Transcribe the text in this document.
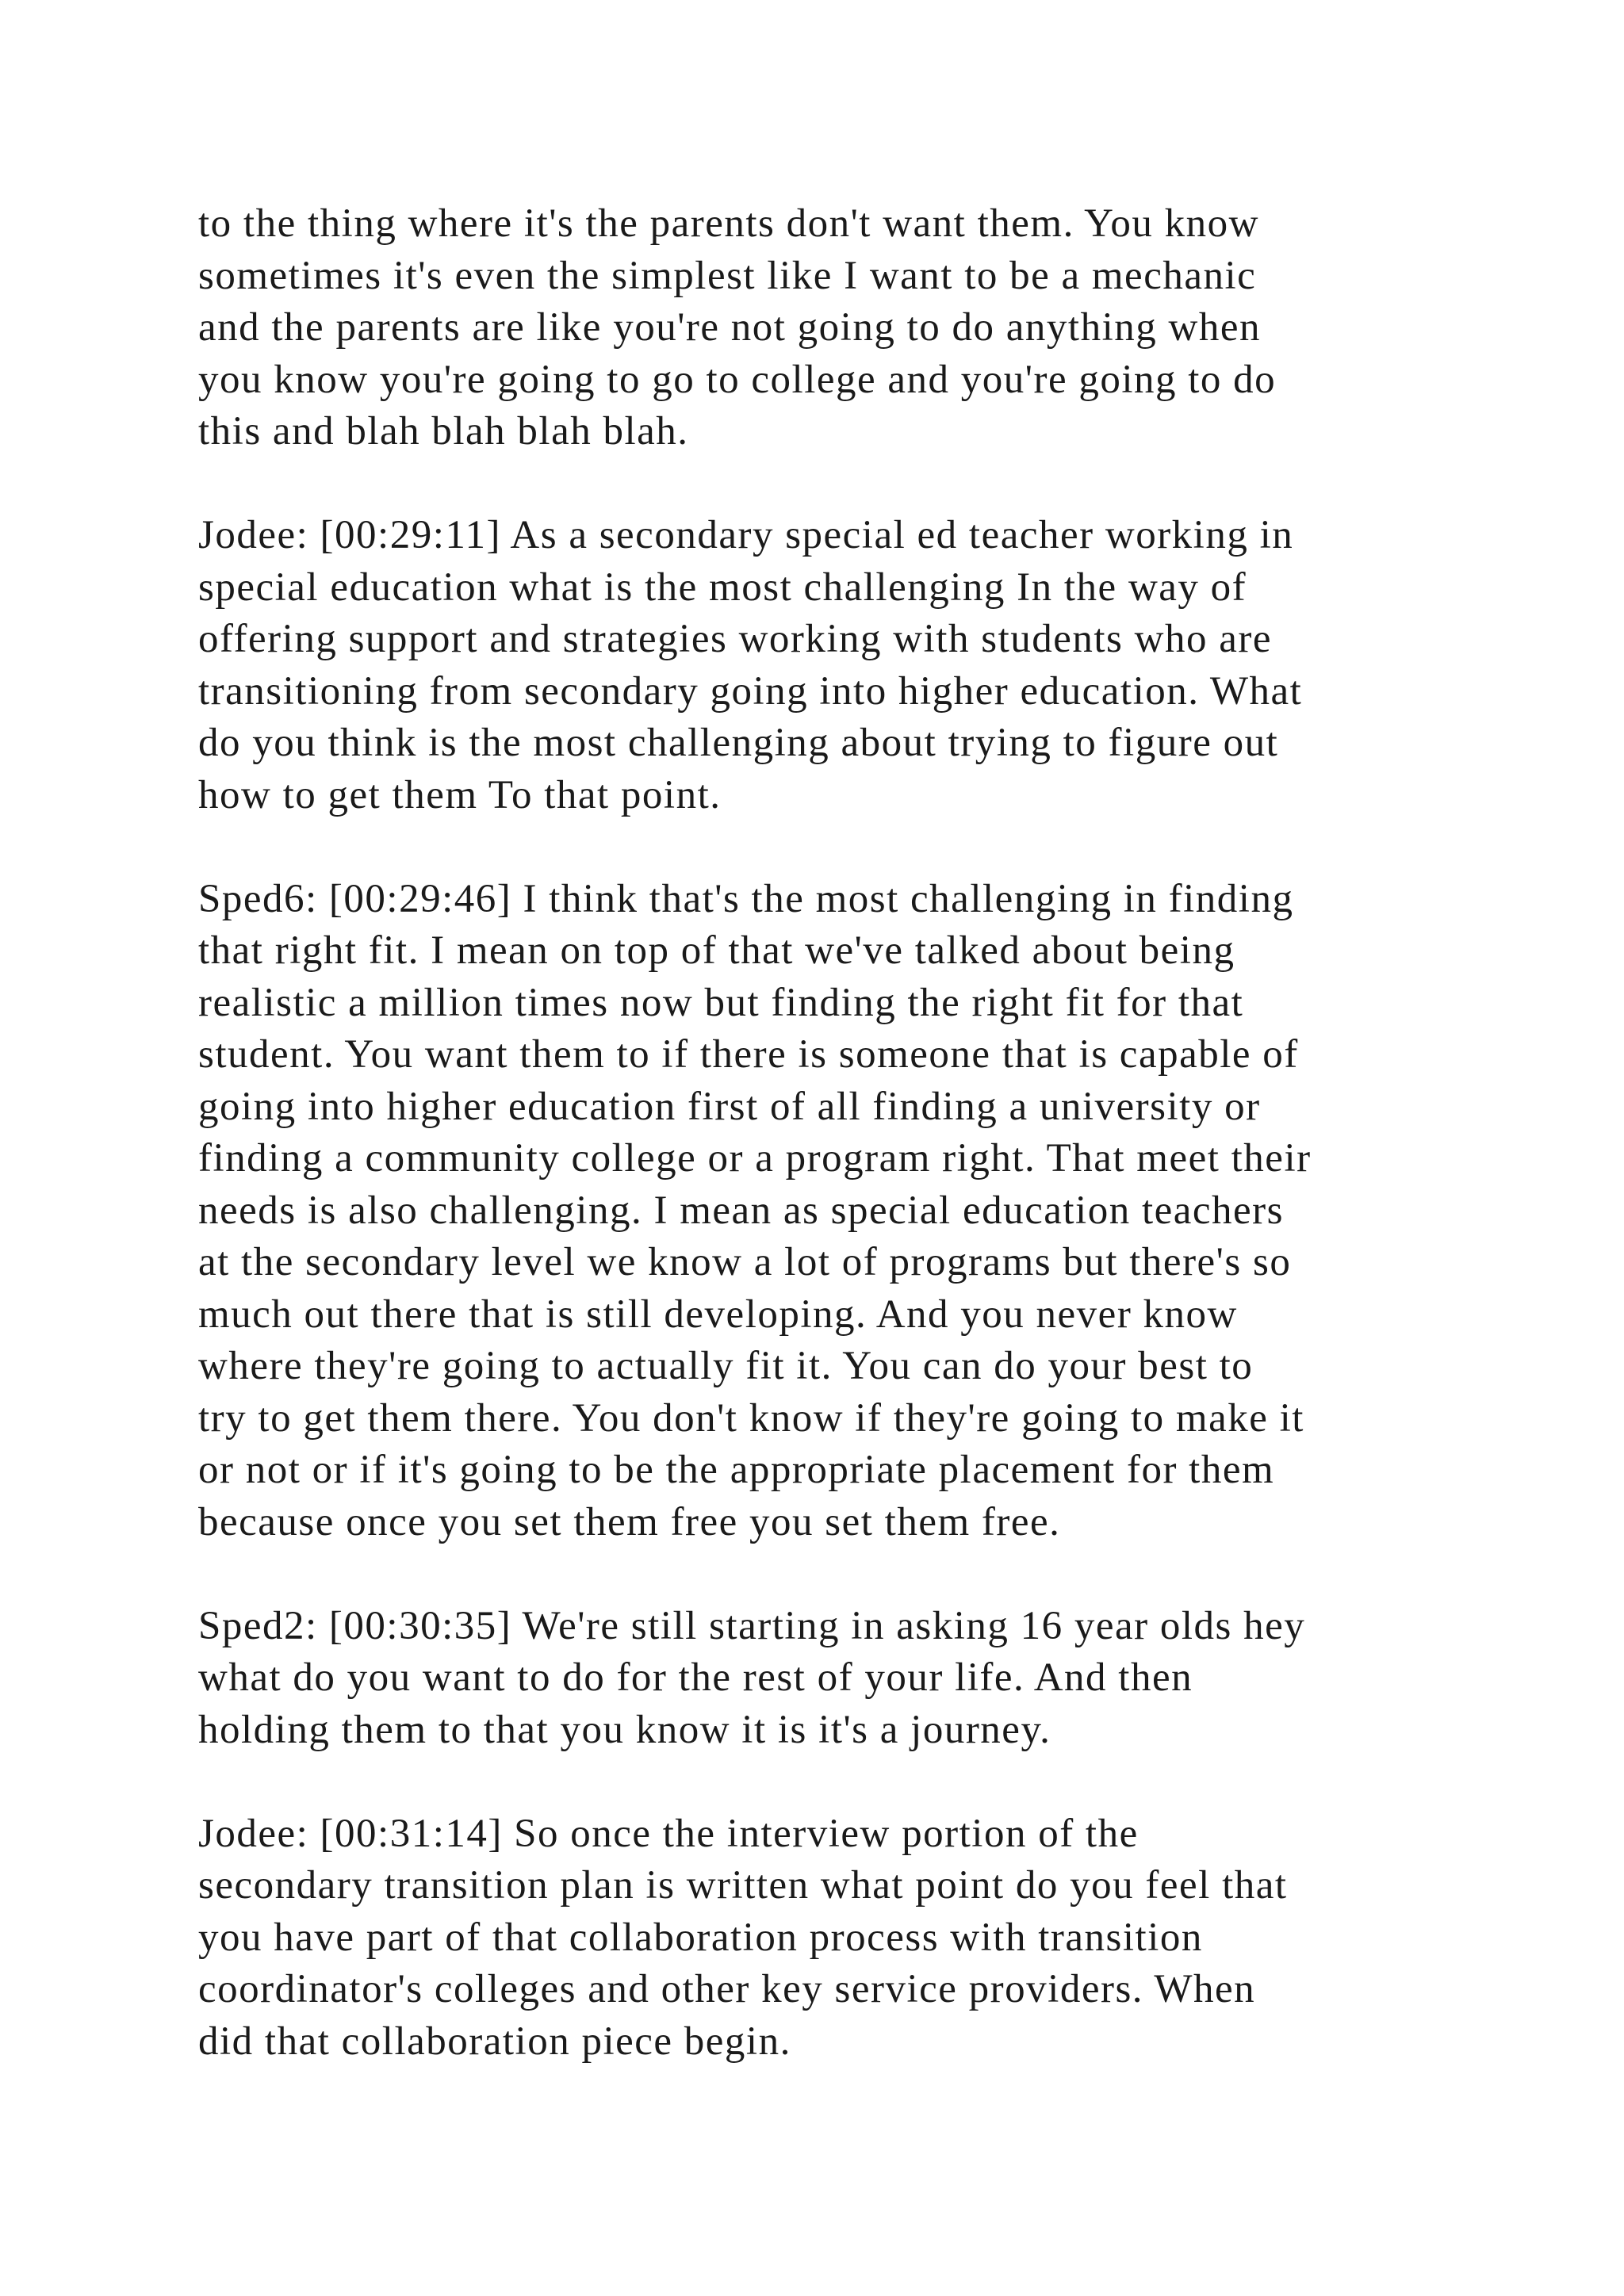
to the thing where it's the parents don't want them. You know
sometimes it's even the simplest like I want to be a mechanic
and the parents are like you're not going to do anything when
you know you're going to go to college and you're going to do
this and blah blah blah blah.
Jodee: [00:29:11] As a secondary special ed teacher working in
special education what is the most challenging In the way of
offering support and strategies working with students who are
transitioning from secondary going into higher education. What
do you think is the most challenging about trying to figure out
how to get them To that point.
Sped6: [00:29:46] I think that's the most challenging in finding
that right fit. I mean on top of that we've talked about being
realistic a million times now but finding the right fit for that
student. You want them to if there is someone that is capable of
going into higher education first of all finding a university or
finding a community college or a program right. That meet their
needs is also challenging. I mean as special education teachers
at the secondary level we know a lot of programs but there's so
much out there that is still developing. And you never know
where they're going to actually fit it. You can do your best to
try to get them there. You don't know if they're going to make it
or not or if it's going to be the appropriate placement for them
because once you set them free you set them free.
Sped2: [00:30:35] We're still starting in asking 16 year olds hey
what do you want to do for the rest of your life. And then
holding them to that you know it is it's a journey.
Jodee: [00:31:14] So once the interview portion of the
secondary transition plan is written what point do you feel that
you have part of that collaboration process with transition
coordinator's colleges and other key service providers. When
did that collaboration piece begin.
